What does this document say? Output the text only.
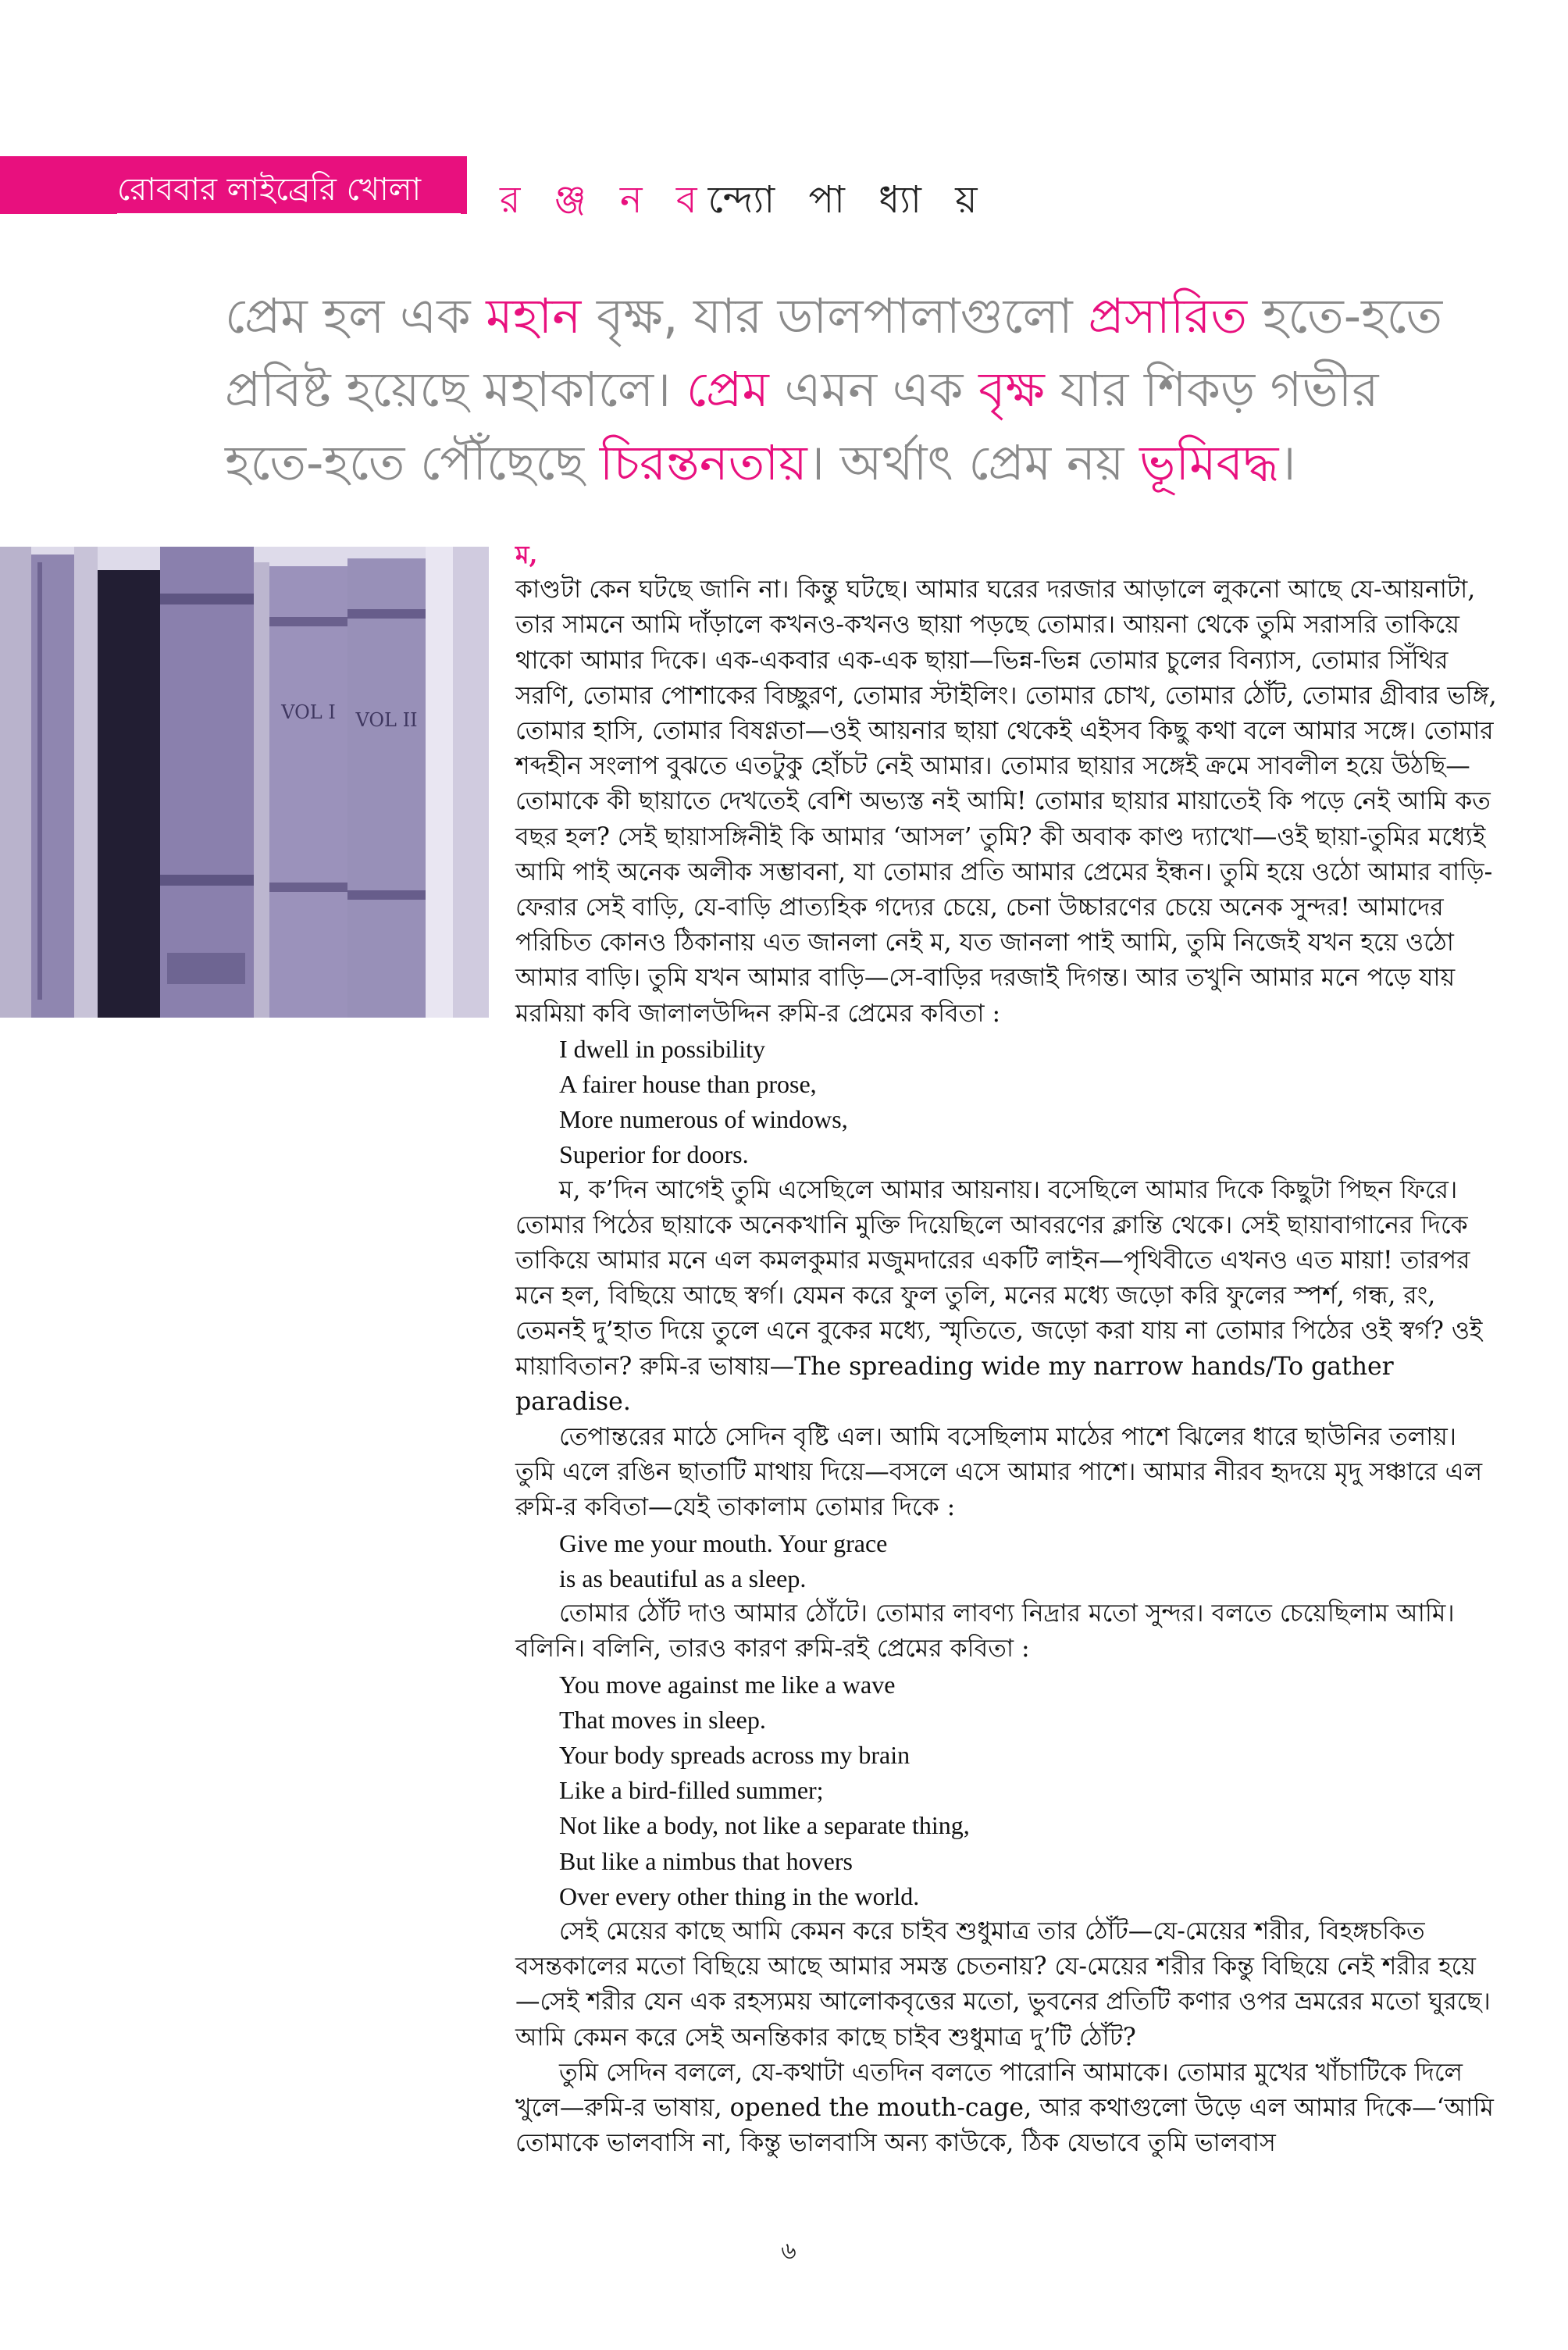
রোববার লাইব্রেরি খোলা	র ঞ্জ ন বন্দ্যো পা ধ্যা য়
প্রেম হল এক মহান বৃক্ষ, যার ডালপালাগুলো প্রসারিত হতে-হতে
প্রবিষ্ট হয়েছে মহাকালে। প্রেম এমন এক বৃক্ষ যার শিকড় গভীর
হতে-হতে পৌঁছেছে চিরন্তনতায়। অর্থাৎ প্রেম নয় ভূমিবদ্ধ।
VOL I VOL II

ম,

কাণ্ডটা কেন ঘটছে জানি না। কিন্তু ঘটছে। আমার ঘরের দরজার আড়ালে লুকনো আছে যে-আয়নাটা, তার সামনে আমি দাঁড়ালে কখনও-কখনও ছায়া পড়ছে তোমার। আয়না থেকে তুমি সরাসরি তাকিয়ে থাকো আমার দিকে। এক-একবার এক-এক ছায়া—ভিন্ন-ভিন্ন তোমার চুলের বিন্যাস, তোমার সিঁথির সরণি, তোমার পোশাকের বিচ্ছুরণ, তোমার স্টাইলিং। তোমার চোখ, তোমার ঠোঁট, তোমার গ্রীবার ভঙ্গি, তোমার হাসি, তোমার বিষণ্ণতা—ওই আয়নার ছায়া থেকেই এইসব কিছু কথা বলে আমার সঙ্গে। তোমার শব্দহীন সংলাপ বুঝতে এতটুকু হোঁচট নেই আমার। তোমার ছায়ার সঙ্গেই ক্রমে সাবলীল হয়ে উঠছি—তোমাকে কী ছায়াতে দেখতেই বেশি অভ্যস্ত নই আমি! তোমার ছায়ার মায়াতেই কি পড়ে নেই আমি কত বছর হল? সেই ছায়াসঙ্গিনীই কি আমার ‘আসল’ তুমি? কী অবাক কাণ্ড দ্যাখো—ওই ছায়া-তুমির মধ্যেই আমি পাই অনেক অলীক সম্ভাবনা, যা তোমার প্রতি আমার প্রেমের ইন্ধন। তুমি হয়ে ওঠো আমার বাড়ি-ফেরার সেই বাড়ি, যে-বাড়ি প্রাত্যহিক গদ্যের চেয়ে, চেনা উচ্চারণের চেয়ে অনেক সুন্দর! আমাদের পরিচিত কোনও ঠিকানায় এত জানলা নেই ম, যত জানলা পাই আমি, তুমি নিজেই যখন হয়ে ওঠো আমার বাড়ি। তুমি যখন আমার বাড়ি—সে-বাড়ির দরজাই দিগন্ত। আর তখুনি আমার মনে পড়ে যায় মরমিয়া কবি জালালউদ্দিন রুমি-র প্রেমের কবিতা :

I dwell in possibility

A fairer house than prose,

More numerous of windows,

Superior for doors.

ম, ক’দিন আগেই তুমি এসেছিলে আমার আয়নায়। বসেছিলে আমার দিকে কিছুটা পিছন ফিরে। তোমার পিঠের ছায়াকে অনেকখানি মুক্তি দিয়েছিলে আবরণের ক্লান্তি থেকে। সেই ছায়াবাগানের দিকে তাকিয়ে আমার মনে এল কমলকুমার মজুমদারের একটি লাইন—পৃথিবীতে এখনও এত মায়া! তারপর মনে হল, বিছিয়ে আছে স্বর্গ। যেমন করে ফুল তুলি, মনের মধ্যে জড়ো করি ফুলের স্পর্শ, গন্ধ, রং, তেমনই দু’হাত দিয়ে তুলে এনে বুকের মধ্যে, স্মৃতিতে, জড়ো করা যায় না তোমার পিঠের ওই স্বর্গ? ওই মায়াবিতান? রুমি-র ভাষায়—The spreading wide my narrow hands/To gather paradise.

তেপান্তরের মাঠে সেদিন বৃষ্টি এল। আমি বসেছিলাম মাঠের পাশে ঝিলের ধারে ছাউনির তলায়। তুমি এলে রঙিন ছাতাটি মাথায় দিয়ে—বসলে এসে আমার পাশে। আমার নীরব হৃদয়ে মৃদু সঞ্চারে এল রুমি-র কবিতা—যেই তাকালাম তোমার দিকে :

Give me your mouth. Your grace

is as beautiful as a sleep.

তোমার ঠোঁট দাও আমার ঠোঁটে। তোমার লাবণ্য নিদ্রার মতো সুন্দর। বলতে চেয়েছিলাম আমি। বলিনি। বলিনি, তারও কারণ রুমি-রই প্রেমের কবিতা :

You move against me like a wave

That moves in sleep.

Your body spreads across my brain

Like a bird-filled summer;

Not like a body, not like a separate thing,

But like a nimbus that hovers

Over every other thing in the world.

সেই মেয়ের কাছে আমি কেমন করে চাইব শুধুমাত্র তার ঠোঁট—যে-মেয়ের শরীর, বিহঙ্গচকিত বসন্তকালের মতো বিছিয়ে আছে আমার সমস্ত চেতনায়? যে-মেয়ের শরীর কিন্তু বিছিয়ে নেই শরীর হয়ে—সেই শরীর যেন এক রহস্যময় আলোকবৃত্তের মতো, ভুবনের প্রতিটি কণার ওপর ভ্রমরের মতো ঘুরছে। আমি কেমন করে সেই অনন্তিকার কাছে চাইব শুধুমাত্র দু’টি ঠোঁট?

তুমি সেদিন বললে, যে-কথাটা এতদিন বলতে পারোনি আমাকে। তোমার মুখের খাঁচাটিকে দিলে খুলে—রুমি-র ভাষায়, opened the mouth-cage, আর কথাগুলো উড়ে এল আমার দিকে—‘আমি তোমাকে ভালবাসি না, কিন্তু ভালবাসি অন্য কাউকে, ঠিক যেভাবে তুমি ভালবাস

৬
